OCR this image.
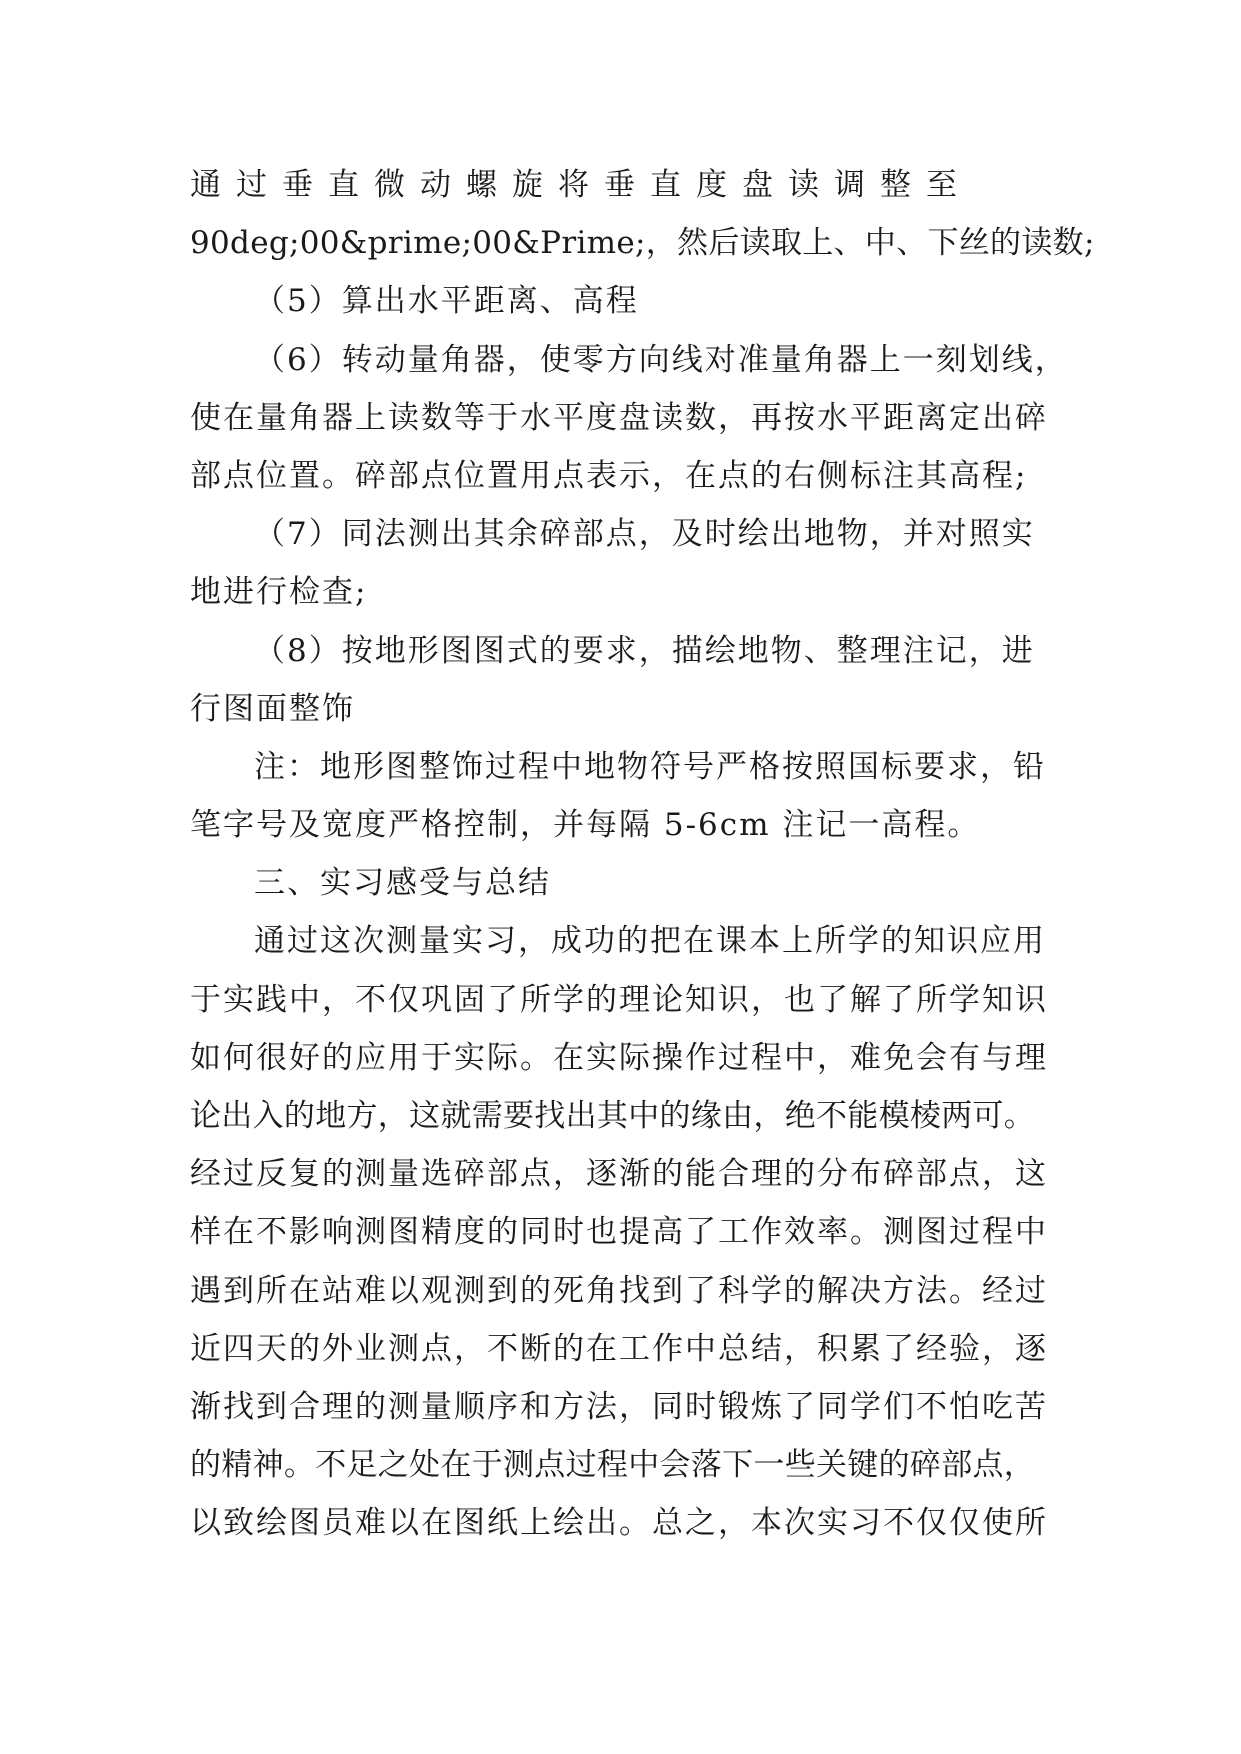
通过垂直微动螺旋将垂直度盘读调整至
90deg;00&prime;00&Prime;，然后读取上、中、下丝的读数;
（5）算出水平距离、高程
（6）转动量角器，使零方向线对准量角器上一刻划线，
使在量角器上读数等于水平度盘读数，再按水平距离定出碎
部点位置。碎部点位置用点表示，在点的右侧标注其高程;
（7）同法测出其余碎部点，及时绘出地物，并对照实
地进行检查;
（8）按地形图图式的要求，描绘地物、整理注记，进
行图面整饰
注：地形图整饰过程中地物符号严格按照国标要求，铅
笔字号及宽度严格控制，并每隔 5-6cm 注记一高程。
三、实习感受与总结
通过这次测量实习，成功的把在课本上所学的知识应用
于实践中，不仅巩固了所学的理论知识，也了解了所学知识
如何很好的应用于实际。在实际操作过程中，难免会有与理
论出入的地方，这就需要找出其中的缘由，绝不能模棱两可。
经过反复的测量选碎部点，逐渐的能合理的分布碎部点，这
样在不影响测图精度的同时也提高了工作效率。测图过程中
遇到所在站难以观测到的死角找到了科学的解决方法。经过
近四天的外业测点，不断的在工作中总结，积累了经验，逐
渐找到合理的测量顺序和方法，同时锻炼了同学们不怕吃苦
的精神。不足之处在于测点过程中会落下一些关键的碎部点，
以致绘图员难以在图纸上绘出。总之，本次实习不仅仅使所
